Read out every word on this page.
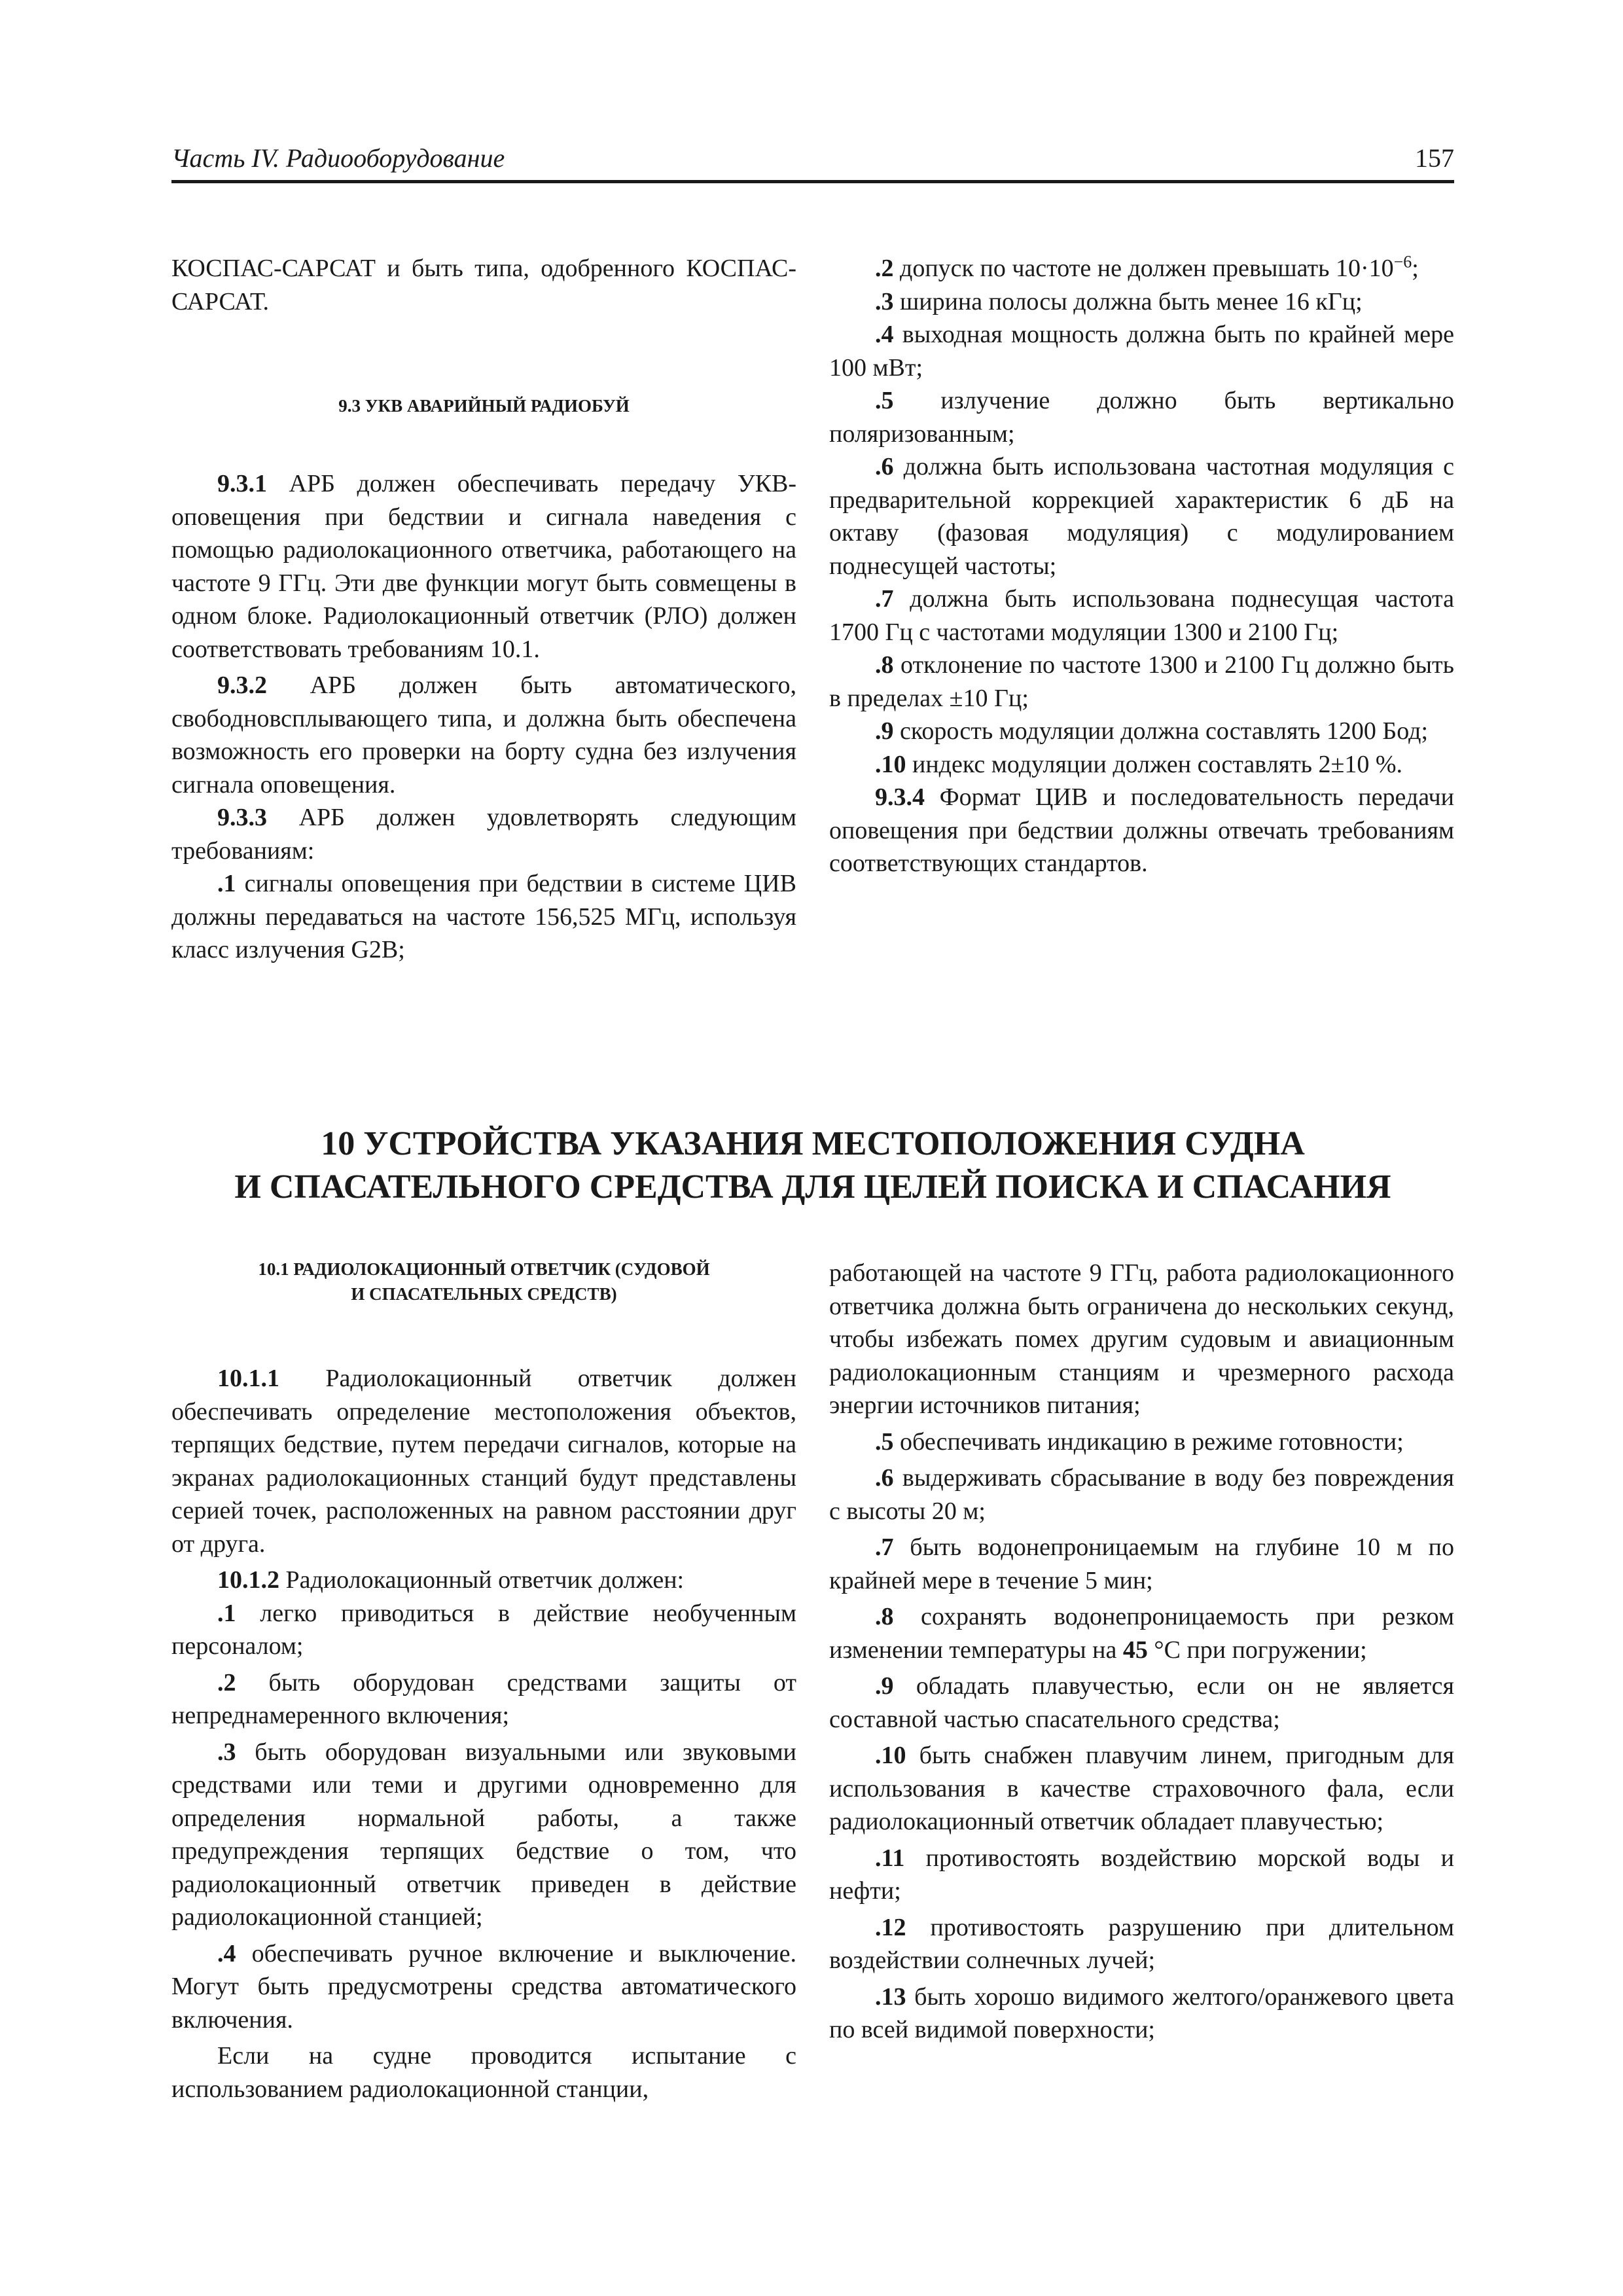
Часть IV. Радиооборудование	157

КОСПАС-САРСАТ и быть типа, одобренного КОСПАС-САРСАТ.

9.3 УКВ АВАРИЙНЫЙ РАДИОБУЙ

9.3.1 АРБ должен обеспечивать передачу УКВ-оповещения при бедствии и сигнала наведения с помощью радиолокационного ответчика, работающего на частоте 9 ГГц. Эти две функции могут быть совмещены в одном блоке. Радиолокационный ответчик (РЛО) должен соответствовать требованиям 10.1.

9.3.2 АРБ должен быть автоматического, свободновсплывающего типа, и должна быть обеспечена возможность его проверки на борту судна без излучения сигнала оповещения.

9.3.3 АРБ должен удовлетворять следующим требованиям:

.1 сигналы оповещения при бедствии в системе ЦИВ должны передаваться на частоте 156,525 МГц, используя класс излучения G2B;

.2 допуск по частоте не должен превышать $10\cdot 10^{-6}$;

.3 ширина полосы должна быть менее 16 кГц;

.4 выходная мощность должна быть по крайней мере 100 мВт;

.5 излучение должно быть вертикально поляризованным;

.6 должна быть использована частотная модуляция с предварительной коррекцией характеристик 6 дБ на октаву (фазовая модуляция) с модулированием поднесущей частоты;

.7 должна быть использована поднесущая частота 1700 Гц с частотами модуляции 1300 и 2100 Гц;

.8 отклонение по частоте 1300 и 2100 Гц должно быть в пределах ±10 Гц;

.9 скорость модуляции должна составлять 1200 Бод;

.10 индекс модуляции должен составлять 2±10 %.

9.3.4 Формат ЦИВ и последовательность передачи оповещения при бедствии должны отвечать требованиям соответствующих стандартов.

10 УСТРОЙСТВА УКАЗАНИЯ МЕСТОПОЛОЖЕНИЯ СУДНА
И СПАСАТЕЛЬНОГО СРЕДСТВА ДЛЯ ЦЕЛЕЙ ПОИСКА И СПАСАНИЯ
10.1 РАДИОЛОКАЦИОННЫЙ ОТВЕТЧИК (СУДОВОЙ
И СПАСАТЕЛЬНЫХ СРЕДСТВ)

10.1.1 Радиолокационный ответчик должен обеспечивать определение местоположения объектов, терпящих бедствие, путем передачи сигналов, которые на экранах радиолокационных станций будут представлены серией точек, расположенных на равном расстоянии друг от друга.

10.1.2 Радиолокационный ответчик должен:

.1 легко приводиться в действие необученным персоналом;

.2 быть оборудован средствами защиты от непреднамеренного включения;

.3 быть оборудован визуальными или звуковыми средствами или теми и другими одновременно для определения нормальной работы, а также предупреждения терпящих бедствие о том, что радиолокационный ответчик приведен в действие радиолокационной станцией;

.4 обеспечивать ручное включение и выключение. Могут быть предусмотрены средства автоматического включения.

Если на судне проводится испытание с использованием радиолокационной станции,

работающей на частоте 9 ГГц, работа радиолокационного ответчика должна быть ограничена до нескольких секунд, чтобы избежать помех другим судовым и авиационным радиолокационным станциям и чрезмерного расхода энергии источников питания;

.5 обеспечивать индикацию в режиме готовности;

.6 выдерживать сбрасывание в воду без повреждения с высоты 20 м;

.7 быть водонепроницаемым на глубине 10 м по крайней мере в течение 5 мин;

.8 сохранять водонепроницаемость при резком изменении температуры на 45 °С при погружении;

.9 обладать плавучестью, если он не является составной частью спасательного средства;

.10 быть снабжен плавучим линем, пригодным для использования в качестве страховочного фала, если радиолокационный ответчик обладает плавучестью;

.11 противостоять воздействию морской воды и нефти;

.12 противостоять разрушению при длительном воздействии солнечных лучей;

.13 быть хорошо видимого желтого/оранжевого цвета по всей видимой поверхности;
